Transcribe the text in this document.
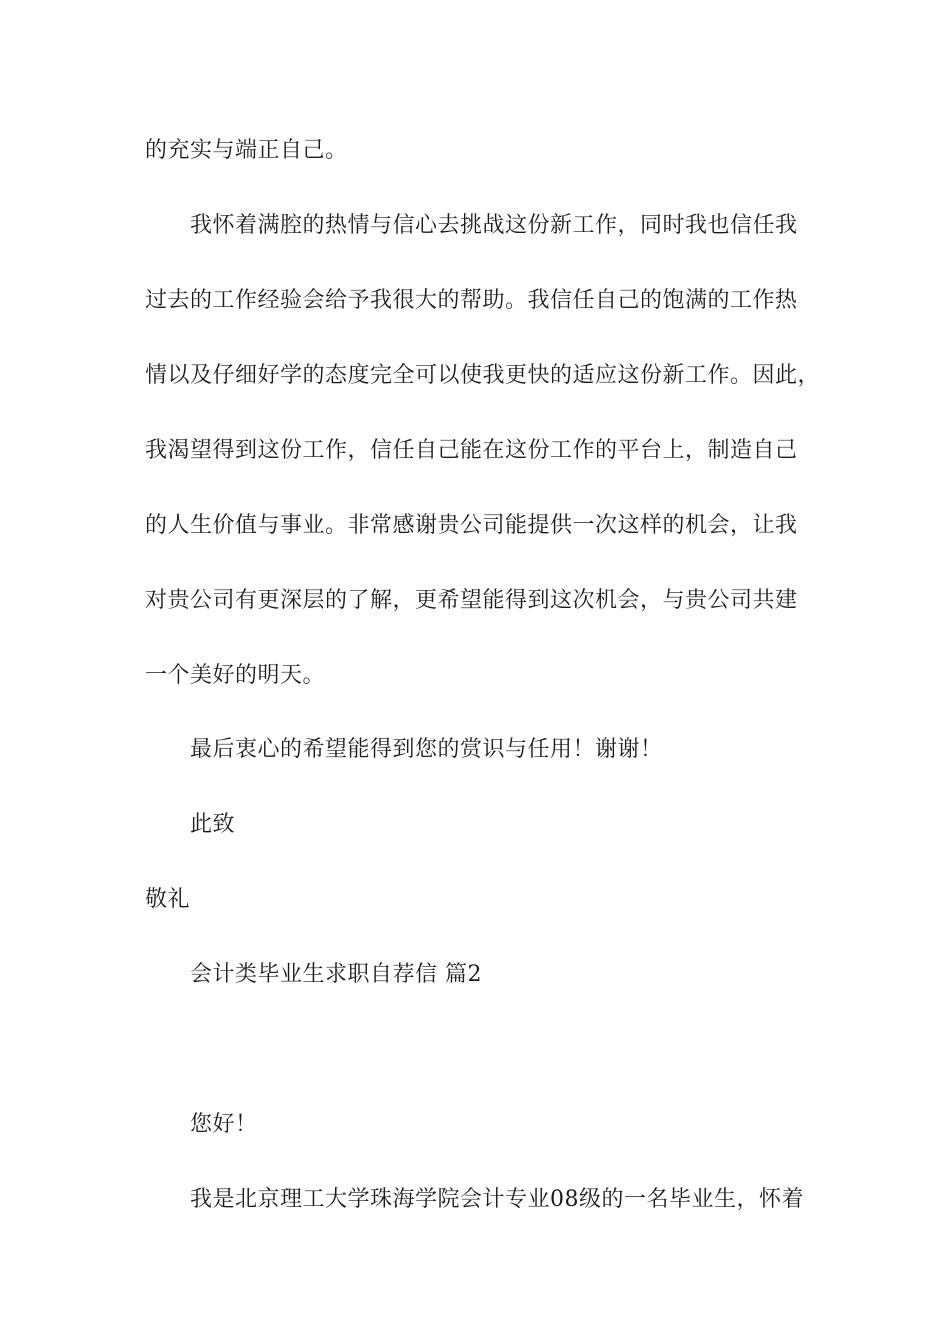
的充实与端正自己。
我怀着满腔的热情与信心去挑战这份新工作，同时我也信任我
过去的工作经验会给予我很大的帮助。我信任自己的饱满的工作热
情以及仔细好学的态度完全可以使我更快的适应这份新工作。因此，
我渴望得到这份工作，信任自己能在这份工作的平台上，制造自己
的人生价值与事业。非常感谢贵公司能提供一次这样的机会，让我
对贵公司有更深层的了解，更希望能得到这次机会，与贵公司共建
一个美好的明天。
最后衷心的希望能得到您的赏识与任用！谢谢！
此致
敬礼
会计类毕业生求职自荐信 篇2
您好！
我是北京理工大学珠海学院会计专业08级的一名毕业生，怀着
